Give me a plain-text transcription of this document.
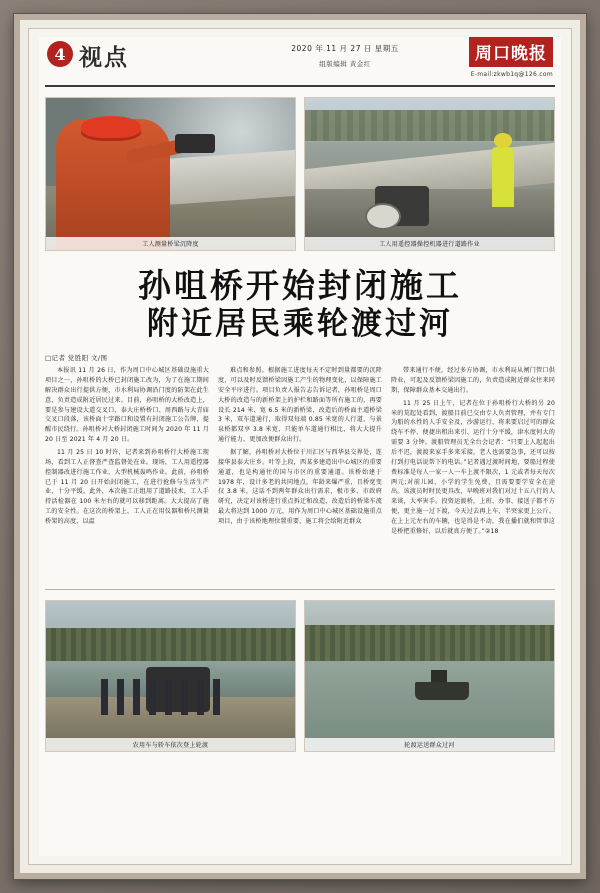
4 视点	2020 年 11 月 27 日 星期五
组版编辑 黄金红	周口晚报
E-mail:zkwb1q@126.com
工人测量桥梁沉降度	工人用遥控器操控机器进行道路作业
孙咀桥开始封闭施工
附近居民乘轮渡过河
□记者 党胜阳 文/图

本报讯 11 月 26 日，作为周口中心城区基础设施重大项目之一，孙咀桥的大桥已封闭施工改为，为了在施工期间解决群众出行提供方便，市水利局协调沿门度的防架在此生意，负责造成附近居民过来。目前，孙咀桥的大桥改造上，要是参与建设大道交叉口、泰大庄桥桥口、周西路与大青庙交叉口段落，该桥面十字路口和设置有封闭施工公告牌，提醒市民绕行。孙咀桥对大桥封闭施工时间为 2020 年 11 月 20 日至 2021 年 4 月 20 日。

11 月 25 日 10 时许，记者来到孙咀桥行大桥施工现场，看到工人正督查严查监督处在业。现场，工人用遥控器控制器改进行施工作业，大型机械轰鸣作业。此前，孙咀桥已于 11 月 20 日开始封闭施工，在进行抢修与生活生产业，十分平缓。此外，本次施工正组用了道路技术，工人手持活检器在 100 米左右的就可以移到距离。大大提高了施工的安全性。在这次的桥架上，工人正在用仪器和桥尺测量桥架的高度，以温

难点和参照。根据施工进度每天不定时到量都要的沉降度，可以及时反馈桥梁因施工产生的物理变化，以保障施工安全平序进行。项目负责人报告志告诉记者，孙咀桥是周口大桥的改造与的新桥架上的护栏和路面等所有施工的，再要设长 214 米、宽 6.5 米的新桥梁，改造后的桥面主道桥梁 3 米，双车道通行，取得双每端 0.85 米宽的人行道，与景泉桥都双享 3.8 米宽，只能单车道通行相比，将大大提升通行能力，更加改便群众出行。

据了解，孙咀桥对大桥位于川汇区与西华县交界处，连接华县泰大庄乡。叶等上段，西某多建造出中心城区的重要通道，也是构通往的国与市区的重要通道。该桥始建于 1978 年，设计多老的共同地点，年龄来爆严重，且桥宽变仅 3.8 米，这话不到两年群众出行需求，极市多、市政府研究，决定对该桥进行重点拆迁和改造，改造后的桥梁车流最大将达到 1000 万元，用作为周口中心城区基础设施重点项目，由于该桥地理位置重要，施工将会给附近群众

带来通行不便，经过多方协调，市水利局从闸门管口供降业，可起及反馈桥梁因施工的，负责造成附近群众往来同期，保障群众基本交通出行。

11 月 25 日上午，记者在位于孙咀桥行大桥的另 20 米的荒起处看到，渡船目前已交由专人负责管理，并有专门为船的水性的人手安全及，沙游运行，将来要启过可的群众绕车不停、便捷出租出来引、运行十分平缓，津水度何大的需要 3 分钟。渡船管理员无全台会记者：“只要上人起起出后不迟，渡渡来家手多来采接，老人也需要急事，还可以按打到打电话说帮下的电话。”记者遇过渡时间地，要船过程使费标准是每人一家一人一车上渡不限次，1 元或者每天每次两元;对前儿园、小学的学生免费，且需要要学安全在途出。该渡员时时民更具改，早晚班对我们对过十五八行的人来谈，大率害手。投资运渡桥，上班、办事、接送子都不方便，更主施一过下渡，今天过去再上车，半突家更上公斤。在上上元左右的车辆，也是得是不动，我在播们就和管事这是桥把重修好，以后就真方便了。”②18

农用车与轿车依次登上轮渡	轮渡运送群众过河
